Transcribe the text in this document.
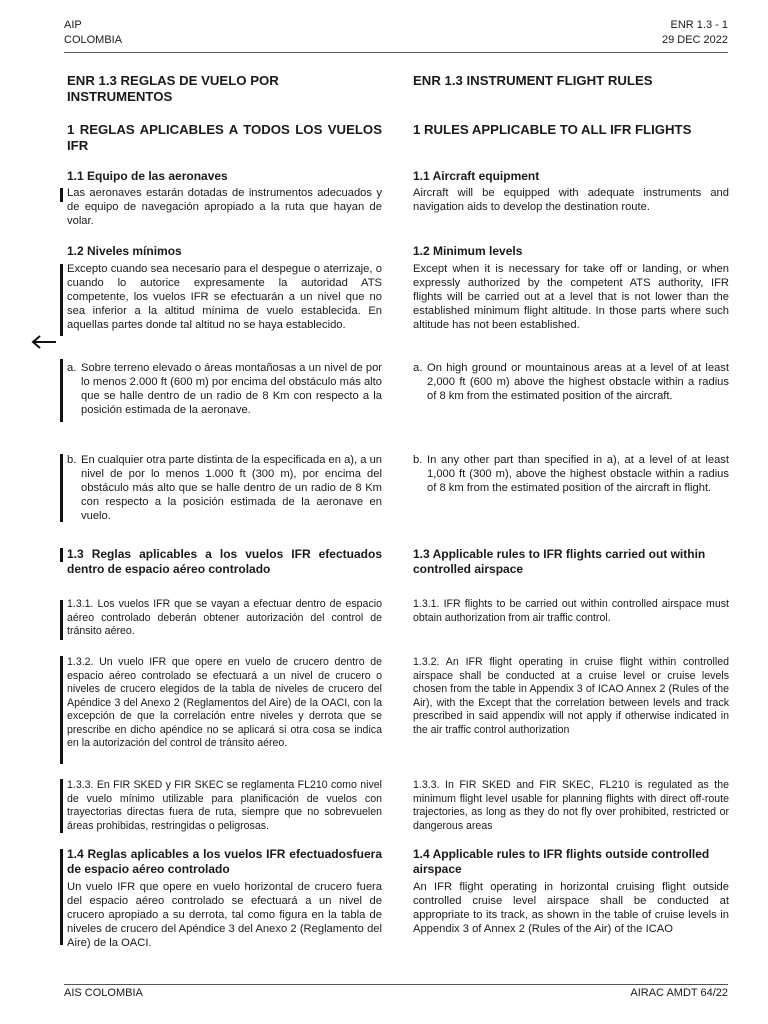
AIP
COLOMBIA
ENR 1.3 - 1
29 DEC 2022
ENR 1.3 REGLAS DE VUELO POR INSTRUMENTOS
1 REGLAS APLICABLES A TODOS LOS VUELOS IFR
1.1 Equipo de las aeronaves
Las aeronaves estarán dotadas de instrumentos adecuados y de equipo de navegación apropiado a la ruta que hayan de volar.
1.2 Niveles mínimos
Excepto cuando sea necesario para el despegue o aterrizaje, o cuando lo autorice expresamente la autoridad ATS competente, los vuelos IFR se efectuarán a un nivel que no sea inferior a la altitud mínima de vuelo establecida. En aquellas partes donde tal altitud no se haya establecido.
a. Sobre terreno elevado o áreas montañosas a un nivel de por lo menos 2.000 ft (600 m) por encima del obstáculo más alto que se halle dentro de un radio de 8 Km con respecto a la posición estimada de la aeronave.
b. En cualquier otra parte distinta de la especificada en a), a un nivel de por lo menos 1.000 ft (300 m), por encima del obstáculo más alto que se halle dentro de un radio de 8 Km con respecto a la posición estimada de la aeronave en vuelo.
1.3 Reglas aplicables a los vuelos IFR efectuados dentro de espacio aéreo controlado
1.3.1. Los vuelos IFR que se vayan a efectuar dentro de espacio aéreo controlado deberán obtener autorización del control de tránsito aéreo.
1.3.2. Un vuelo IFR que opere en vuelo de crucero dentro de espacio aéreo controlado se efectuará a un nivel de crucero o niveles de crucero elegidos de la tabla de niveles de crucero del Apéndice 3 del Anexo 2 (Reglamentos del Aire) de la OACI, con la excepción de que la correlación entre niveles y derrota que se prescribe en dicho apéndice no se aplicará si otra cosa se indica en la autorización del control de tránsito aéreo.
1.3.3. En FIR SKED y FIR SKEC se reglamenta FL210 como nivel de vuelo mínimo utilizable para planificación de vuelos con trayectorias directas fuera de ruta, siempre que no sobrevuelen áreas prohibidas, restringidas o peligrosas.
1.4 Reglas aplicables a los vuelos IFR efectuadosfuera de espacio aéreo controlado
Un vuelo IFR que opere en vuelo horizontal de crucero fuera del espacio aéreo controlado se efectuará a un nivel de crucero apropiado a su derrota, tal como figura en la tabla de niveles de crucero del Apéndice 3 del Anexo 2 (Reglamento del Aire) de la OACI.
ENR 1.3 INSTRUMENT FLIGHT RULES
1 RULES APPLICABLE TO ALL IFR FLIGHTS
1.1 Aircraft equipment
Aircraft will be equipped with adequate instruments and navigation aids to develop the destination route.
1.2 Minimum levels
Except when it is necessary for take off or landing, or when expressly authorized by the competent ATS authority, IFR flights will be carried out at a level that is not lower than the established minimum flight altitude. In those parts where such altitude has not been established.
a. On high ground or mountainous areas at a level of at least 2,000 ft (600 m) above the highest obstacle within a radius of 8 km from the estimated position of the aircraft.
b. In any other part than specified in a), at a level of at least 1,000 ft (300 m), above the highest obstacle within a radius of 8 km from the estimated position of the aircraft in flight.
1.3 Applicable rules to IFR flights carried out within controlled airspace
1.3.1. IFR flights to be carried out within controlled airspace must obtain authorization from air traffic control.
1.3.2. An IFR flight operating in cruise flight within controlled airspace shall be conducted at a cruise level or cruise levels chosen from the table in Appendix 3 of ICAO Annex 2 (Rules of the Air), with the Except that the correlation between levels and track prescribed in said appendix will not apply if otherwise indicated in the air traffic control authorization
1.3.3. In FIR SKED and FIR SKEC, FL210 is regulated as the minimum flight level usable for planning flights with direct off-route trajectories, as long as they do not fly over prohibited, restricted or dangerous areas
1.4 Applicable rules to IFR flights outside controlled airspace
An IFR flight operating in horizontal cruising flight outside controlled cruise level airspace shall be conducted at appropriate to its track, as shown in the table of cruise levels in Appendix 3 of Annex 2 (Rules of the Air) of the ICAO
AIS COLOMBIA	AIRAC AMDT 64/22
